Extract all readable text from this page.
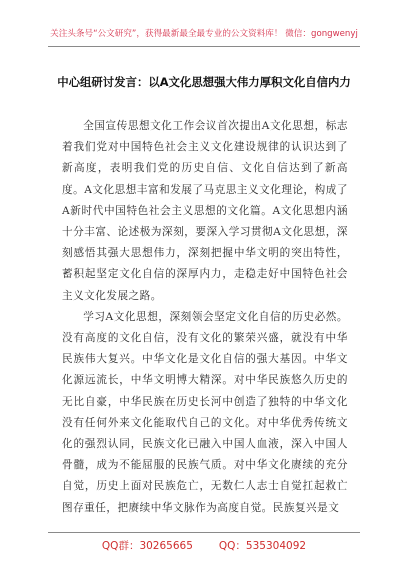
关注头条号“公文研究”，获得最新最全最专业的公文资料库！ 微信：gongwenyj
中心组研讨发言：以A文化思想强大伟力厚积文化自信内力

全国宣传思想文化工作会议首次提出A文化思想，标志着我们党对中国特色社会主义文化建设规律的认识达到了新高度，表明我们党的历史自信、文化自信达到了新高度。A文化思想丰富和发展了马克思主义文化理论，构成了A新时代中国特色社会主义思想的文化篇。A文化思想内涵十分丰富、论述极为深刻，要深入学习贯彻A文化思想，深刻感悟其强大思想伟力，深刻把握中华文明的突出特性，蓄积起坚定文化自信的深厚内力，走稳走好中国特色社会主义文化发展之路。

学习A文化思想，深刻领会坚定文化自信的历史必然。没有高度的文化自信，没有文化的繁荣兴盛，就没有中华民族伟大复兴。中华文化是文化自信的强大基因。中华文化源远流长，中华文明博大精深。对中华民族悠久历史的无比自豪，中华民族在历史长河中创造了独特的中华文化没有任何外来文化能取代自己的文化。对中华优秀传统文化的强烈认同，民族文化已融入中国人血液，深入中国人骨髓，成为不能屈服的民族气质。对中华文化赓续的充分自觉，历史上面对民族危亡，无数仁人志士自觉扛起救亡图存重任，把赓续中华文脉作为高度自觉。民族复兴是文

QQ群：30265665 QQ：535304092
